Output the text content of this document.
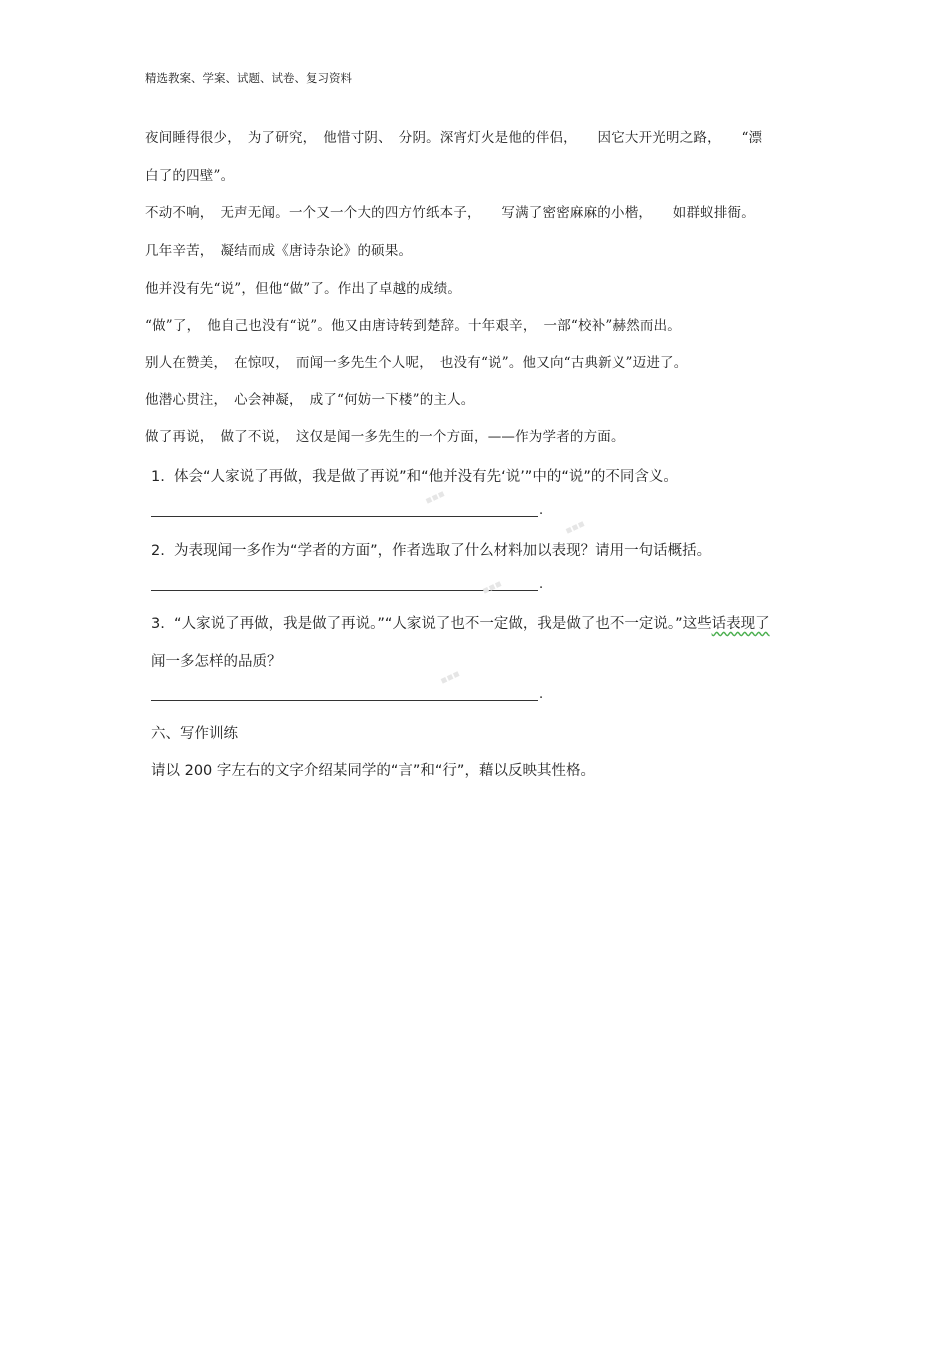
精选教案、学案、试题、试卷、复习资料
夜间睡得很少，　为了研究，　他惜寸阴、　分阴。深宵灯火是他的伴侣，　　因它大开光明之路，　　“漂
白了的四壁”。
不动不响，　无声无闻。一个又一个大的四方竹纸本子，　　写满了密密麻麻的小楷，　　如群蚁排衙。
几年辛苦，　凝结而成《唐诗杂论》的硕果。
他并没有先“说”，但他“做”了。作出了卓越的成绩。
“做”了，　他自己也没有“说”。他又由唐诗转到楚辞。十年艰辛，　一部“校补”赫然而出。
别人在赞美，　在惊叹，　而闻一多先生个人呢，　也没有“说”。他又向“古典新义”迈进了。
他潜心贯注，　心会神凝，　成了“何妨一下楼”的主人。
做了再说，　做了不说，　这仅是闻一多先生的一个方面，——作为学者的方面。
1.  体会“人家说了再做，我是做了再说”和“他并没有先‘说’”中的“说”的不同含义。
.
2.  为表现闻一多作为“学者的方面”，作者选取了什么材料加以表现？请用一句话概括。
.
3.  “人家说了再做，我是做了再说。”“人家说了也不一定做，我是做了也不一定说。”这些话表现了
闻一多怎样的品质？
.
六、写作训练
请以 200 字左右的文字介绍某同学的“言”和“行”，藉以反映其性格。
▪▪▪
▪▪▪
▪▪▪
▪▪▪
